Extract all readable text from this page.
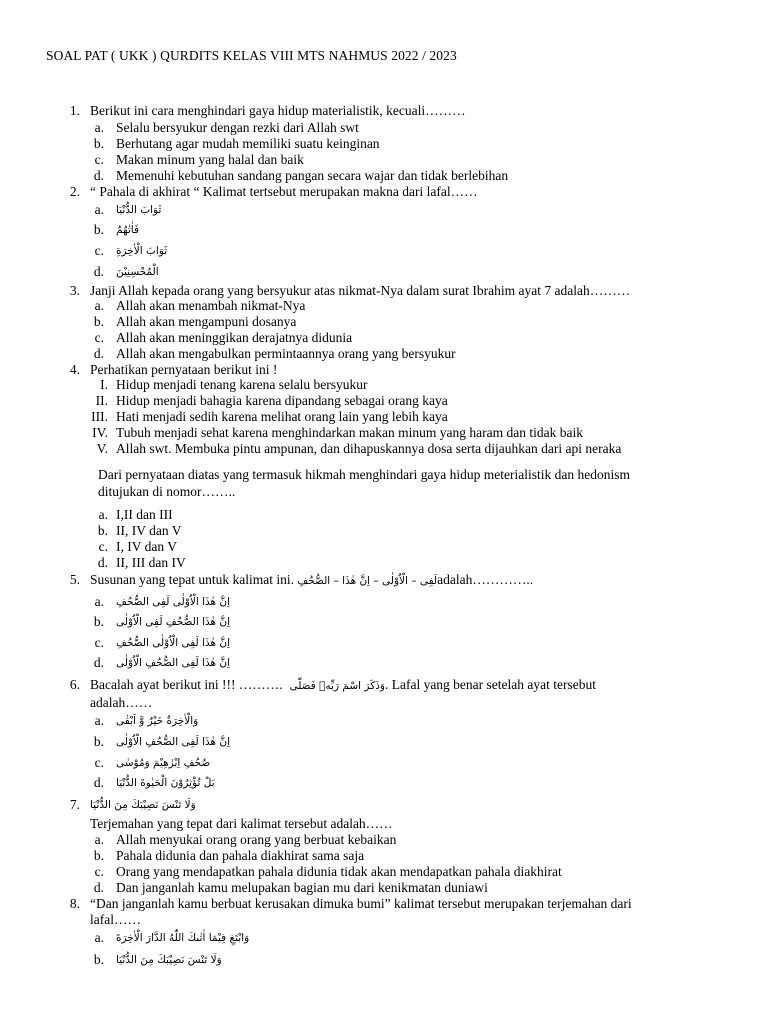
SOAL PAT ( UKK ) QURDITS KELAS VIII MTS NAHMUS 2022 / 2023
1. Berikut ini cara menghindari gaya hidup materialistik, kecuali………
a. Selalu bersyukur dengan rezki dari Allah swt
b. Berhutang agar mudah memiliki suatu keinginan
c. Makan minum yang halal dan baik
d. Memenuhi kebutuhan sandang pangan secara wajar dan tidak berlebihan
2. “ Pahala di akhirat “ Kalimat tertsebut merupakan makna dari lafal……
a. ثَوَابَ الدُّنْيَا
b. فَاٰتٰهُمُ
c. ثَوَابَ الْاٰخِرَةِ
d. الْمُحْسِنِيْنَ
3. Janji Allah kepada orang yang bersyukur atas nikmat-Nya dalam surat Ibrahim ayat 7 adalah………
a. Allah akan menambah nikmat-Nya
b. Allah akan mengampuni dosanya
c. Allah akan meninggikan derajatnya didunia
d. Allah akan mengabulkan permintaannya orang yang bersyukur
4. Perhatikan pernyataan berikut ini !
I. Hidup menjadi tenang karena selalu bersyukur
II. Hidup menjadi bahagia karena dipandang sebagai orang kaya
III. Hati menjadi sedih karena melihat orang lain yang lebih kaya
IV. Tubuh menjadi sehat karena menghindarkan makan minum yang haram dan tidak baik
V. Allah swt. Membuka pintu ampunan, dan dihapuskannya dosa serta dijauhkan dari api neraka
Dari pernyataan diatas yang termasuk hikmah menghindari gaya hidup meterialistik dan hedonism
ditujukan di nomor……..
a. I,II dan III
b. II, IV dan V
c. I, IV dan V
d. II, III dan IV
5. Susunan yang tepat untuk kalimat ini. لَفِى – الْاُوْلٰى – اِنَّ هٰذَا – الصُّحُفِadalah…………..
a. اِنَّ هٰذَا الْاُوْلٰى لَفِى الصُّحُفِ
b. اِنَّ هٰذَا الصُّحُفِ لَفِى الْاُوْلٰى
c. اِنَّ هٰذَا لَفِى الْاُوْلٰى الصُّحُفِ
d. اِنَّ هٰذَا لَفِى الصُّحُفِ الْاُوْلٰى
6. Bacalah ayat berikut ini !!! ………. وَذَكَرَ اسْمَ رَبِّهٖ فَصَلّٰى. Lafal yang benar setelah ayat tersebut
adalah……
a. وَالْاٰخِرَةُ خَيْرٌ وَّ اَبْقٰى
b. اِنَّ هٰذَا لَفِى الصُّحُفِ الْاُوْلٰى
c. صُحُفِ اِبْرٰهِيْمَ وَمُوْسٰى
d. بَلْ تُؤْثِرُوْنَ الْحَيٰوةَ الدُّنْيَا
7. وَلَا تَنْسَ نَصِيْبَكَ مِنَ الدُّنْيَا
Terjemahan yang tepat dari kalimat tersebut adalah……
a. Allah menyukai orang orang yang berbuat kebaikan
b. Pahala didunia dan pahala diakhirat sama saja
c. Orang yang mendapatkan pahala didunia tidak akan mendapatkan pahala diakhirat
d. Dan janganlah kamu melupakan bagian mu dari kenikmatan duniawi
8. “Dan janganlah kamu berbuat kerusakan dimuka bumi” kalimat tersebut merupakan terjemahan dari
lafal……
a. وَابْتَغِ فِيْمَا اٰتٰىكَ اللّٰهُ الدَّارَ الْاٰخِرَةَ
b. وَلَا تَنْسَ نَصِيْبَكَ مِنَ الدُّنْيَا
